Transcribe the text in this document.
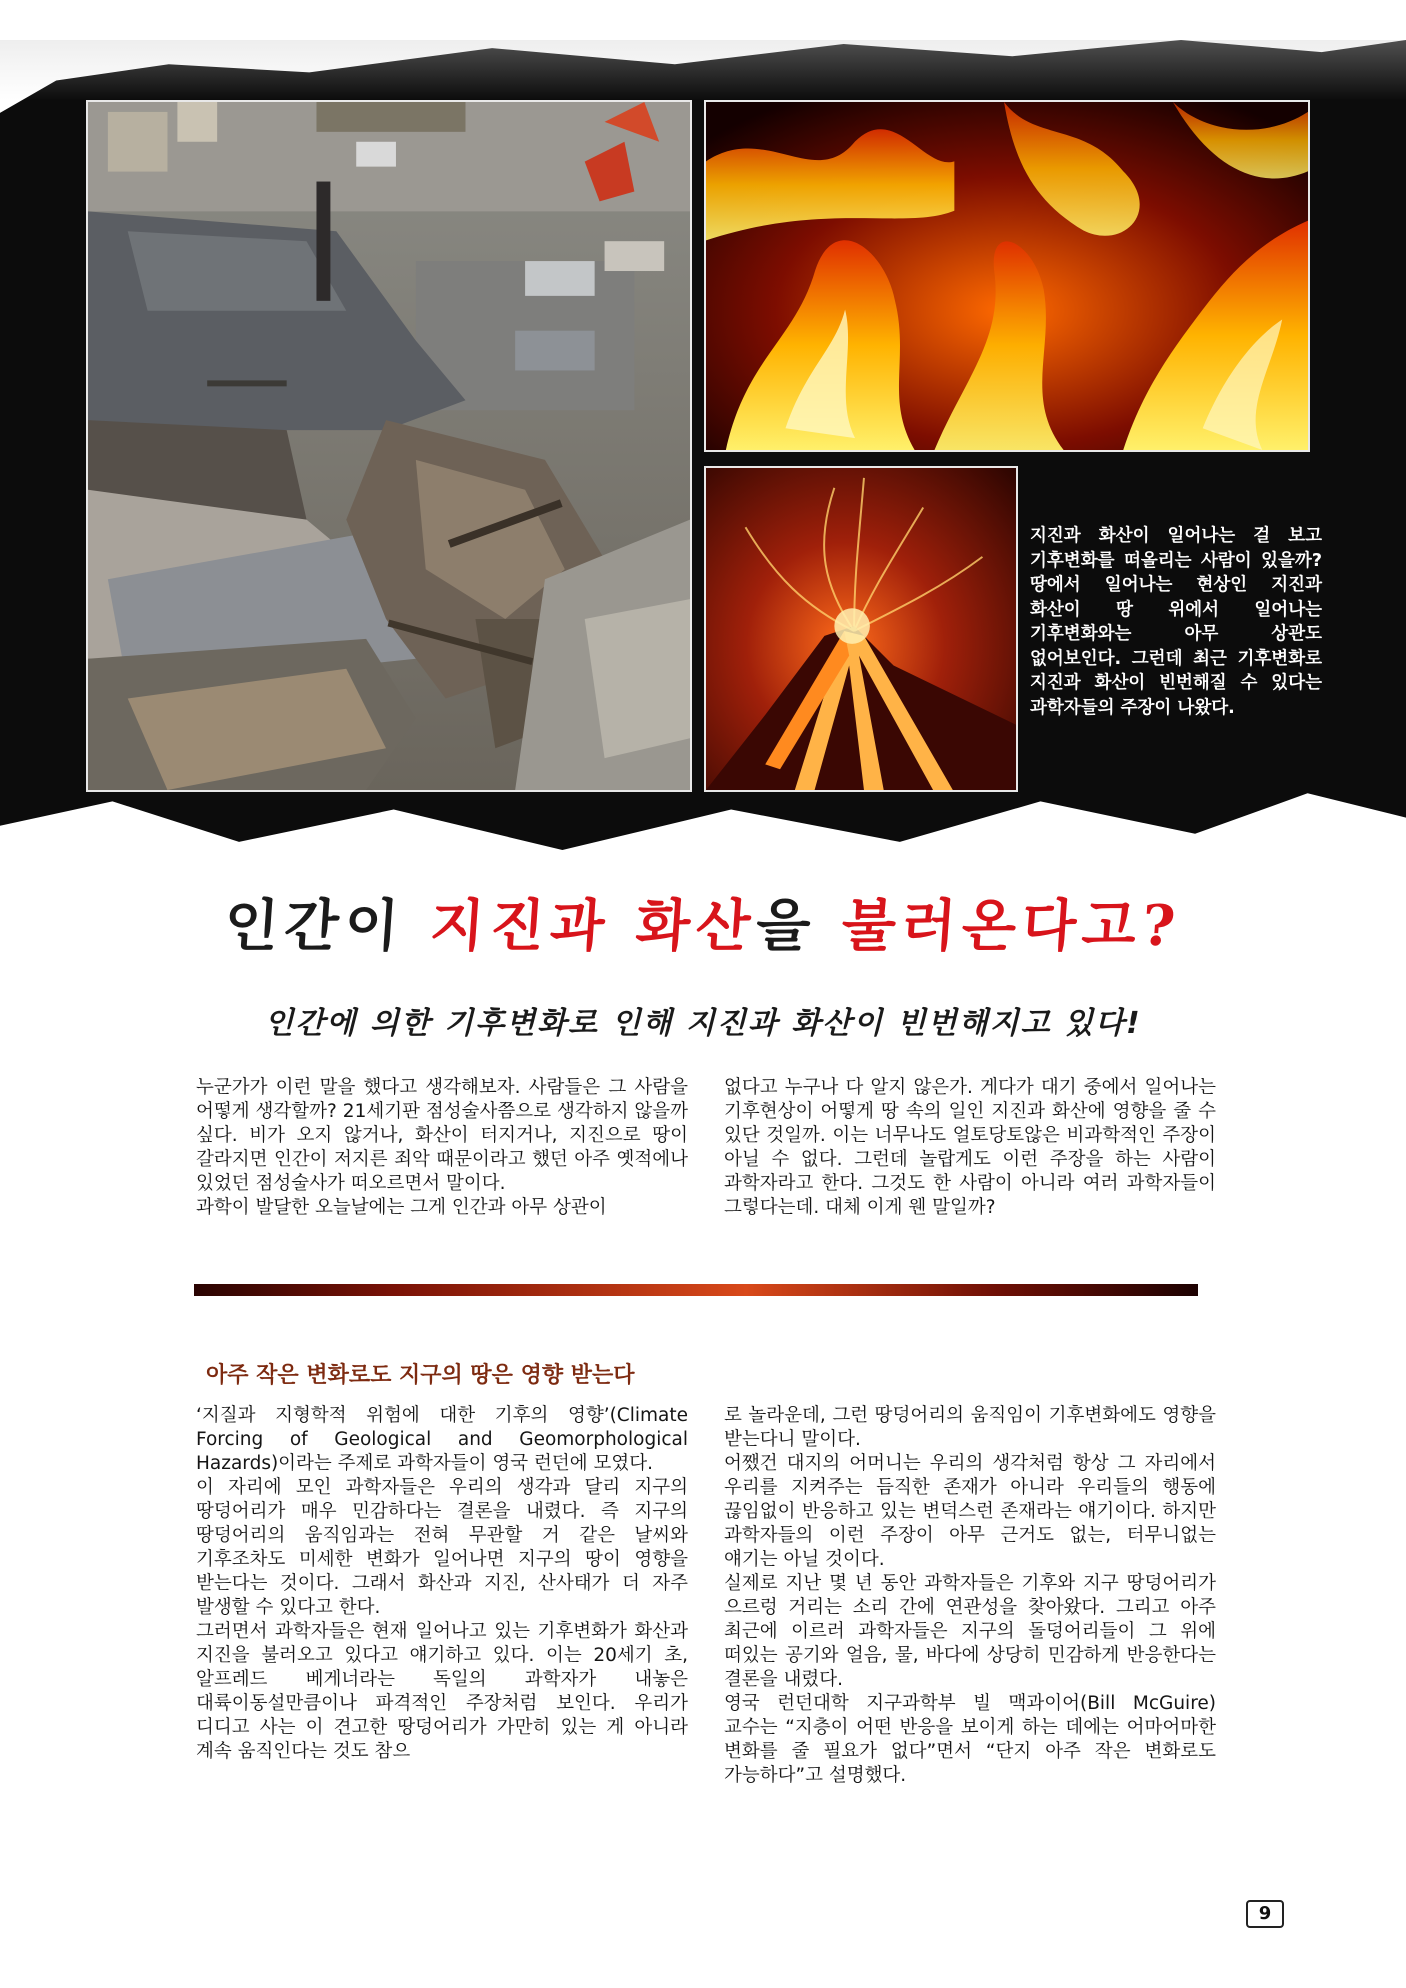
지진과 화산이 일어나는 걸 보고 기후변화를 떠올리는 사람이 있을까? 땅에서 일어나는 현상인 지진과 화산이 땅 위에서 일어나는 기후변화와는 아무 상관도 없어보인다. 그런데 최근 기후변화로 지진과 화산이 빈번해질 수 있다는 과학자들의 주장이 나왔다.
인간이 지진과 화산을 불러온다고?
인간에 의한 기후변화로 인해 지진과 화산이 빈번해지고 있다!

누군가가 이런 말을 했다고 생각해보자. 사람들은 그 사람을 어떻게 생각할까? 21세기판 점성술사쯤으로 생각하지 않을까 싶다. 비가 오지 않거나, 화산이 터지거나, 지진으로 땅이 갈라지면 인간이 저지른 죄악 때문이라고 했던 아주 옛적에나 있었던 점성술사가 떠오르면서 말이다.

과학이 발달한 오늘날에는 그게 인간과 아무 상관이

없다고 누구나 다 알지 않은가. 게다가 대기 중에서 일어나는 기후현상이 어떻게 땅 속의 일인 지진과 화산에 영향을 줄 수 있단 것일까. 이는 너무나도 얼토당토않은 비과학적인 주장이 아닐 수 없다. 그런데 놀랍게도 이런 주장을 하는 사람이 과학자라고 한다. 그것도 한 사람이 아니라 여러 과학자들이 그렇다는데. 대체 이게 웬 말일까?

아주 작은 변화로도 지구의 땅은 영향 받는다

‘지질과 지형학적 위험에 대한 기후의 영향’(Climate Forcing of Geological and Geomorphological Hazards)이라는 주제로 과학자들이 영국 런던에 모였다.

이 자리에 모인 과학자들은 우리의 생각과 달리 지구의 땅덩어리가 매우 민감하다는 결론을 내렸다. 즉 지구의 땅덩어리의 움직임과는 전혀 무관할 거 같은 날씨와 기후조차도 미세한 변화가 일어나면 지구의 땅이 영향을 받는다는 것이다. 그래서 화산과 지진, 산사태가 더 자주 발생할 수 있다고 한다.

그러면서 과학자들은 현재 일어나고 있는 기후변화가 화산과 지진을 불러오고 있다고 얘기하고 있다. 이는 20세기 초, 알프레드 베게너라는 독일의 과학자가 내놓은 대륙이동설만큼이나 파격적인 주장처럼 보인다. 우리가 디디고 사는 이 견고한 땅덩어리가 가만히 있는 게 아니라 계속 움직인다는 것도 참으

로 놀라운데, 그런 땅덩어리의 움직임이 기후변화에도 영향을 받는다니 말이다.

어쨌건 대지의 어머니는 우리의 생각처럼 항상 그 자리에서 우리를 지켜주는 듬직한 존재가 아니라 우리들의 행동에 끊임없이 반응하고 있는 변덕스런 존재라는 얘기이다. 하지만 과학자들의 이런 주장이 아무 근거도 없는, 터무니없는 얘기는 아닐 것이다.

실제로 지난 몇 년 동안 과학자들은 기후와 지구 땅덩어리가 으르렁 거리는 소리 간에 연관성을 찾아왔다. 그리고 아주 최근에 이르러 과학자들은 지구의 돌덩어리들이 그 위에 떠있는 공기와 얼음, 물, 바다에 상당히 민감하게 반응한다는 결론을 내렸다.

영국 런던대학 지구과학부 빌 맥과이어(Bill McGuire) 교수는 “지층이 어떤 반응을 보이게 하는 데에는 어마어마한 변화를 줄 필요가 없다”면서 “단지 아주 작은 변화로도 가능하다”고 설명했다.

9
